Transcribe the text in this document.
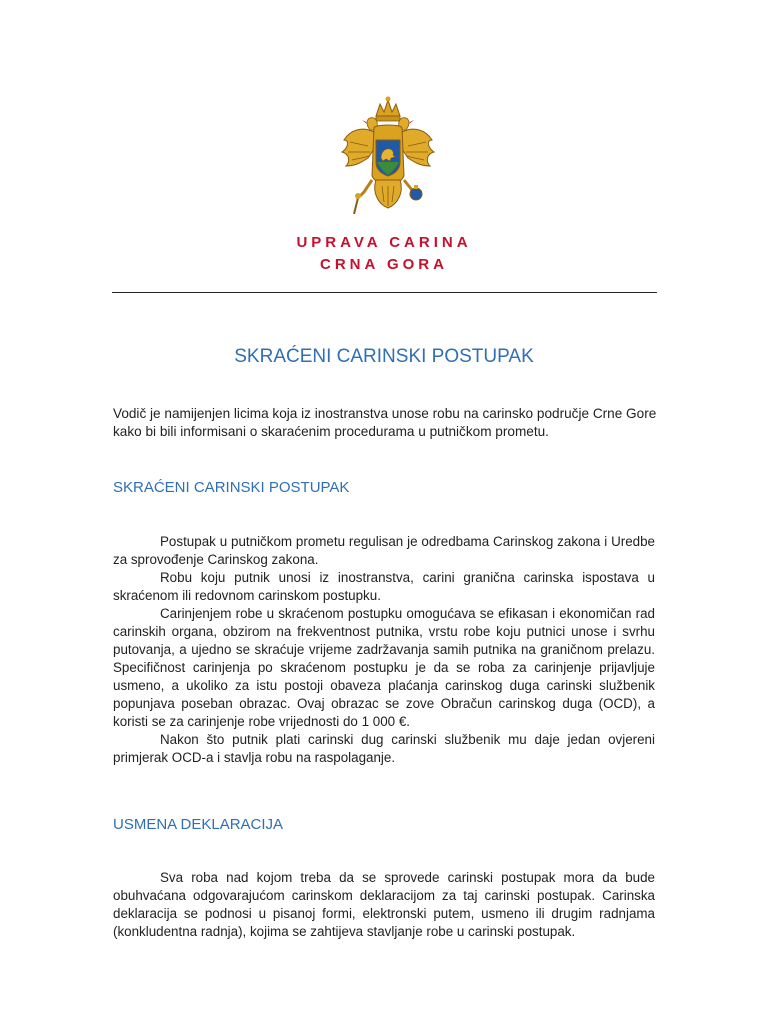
UPRAVA CARINA
CRNA GORA
SKRAĆENI CARINSKI POSTUPAK
Vodič je namijenjen licima koja iz inostranstva unose robu na carinsko područje Crne Gore kako bi bili informisani o skaraćenim procedurama u putničkom prometu.
SKRAĆENI CARINSKI POSTUPAK

Postupak u putničkom prometu regulisan je odredbama Carinskog zakona i Uredbe za sprovođenje Carinskog zakona.

Robu koju putnik unosi iz inostranstva, carini granična carinska ispostava u skraćenom ili redovnom carinskom postupku.

Carinjenjem robe u skraćenom postupku omogućava se efikasan i ekonomičan rad carinskih organa, obzirom na frekventnost putnika, vrstu robe koju putnici unose i svrhu putovanja, a ujedno se skraćuje vrijeme zadržavanja samih putnika na graničnom prelazu. Specifičnost carinjenja po skraćenom postupku je da se roba za carinjenje prijavljuje usmeno, a ukoliko za istu postoji obaveza plaćanja carinskog duga carinski službenik popunjava poseban obrazac. Ovaj obrazac se zove Obračun carinskog duga (OCD), a koristi se za carinjenje robe vrijednosti do 1 000 €.

Nakon što putnik plati carinski dug carinski službenik mu daje jedan ovjereni primjerak OCD-a i stavlja robu na raspolaganje.

USMENA DEKLARACIJA

Sva roba nad kojom treba da se sprovede carinski postupak mora da bude obuhvaćana odgovarajućom carinskom deklaracijom za taj carinski postupak. Carinska deklaracija se podnosi u pisanoj formi, elektronski putem, usmeno ili drugim radnjama (konkludentna radnja), kojima se zahtijeva stavljanje robe u carinski postupak.
